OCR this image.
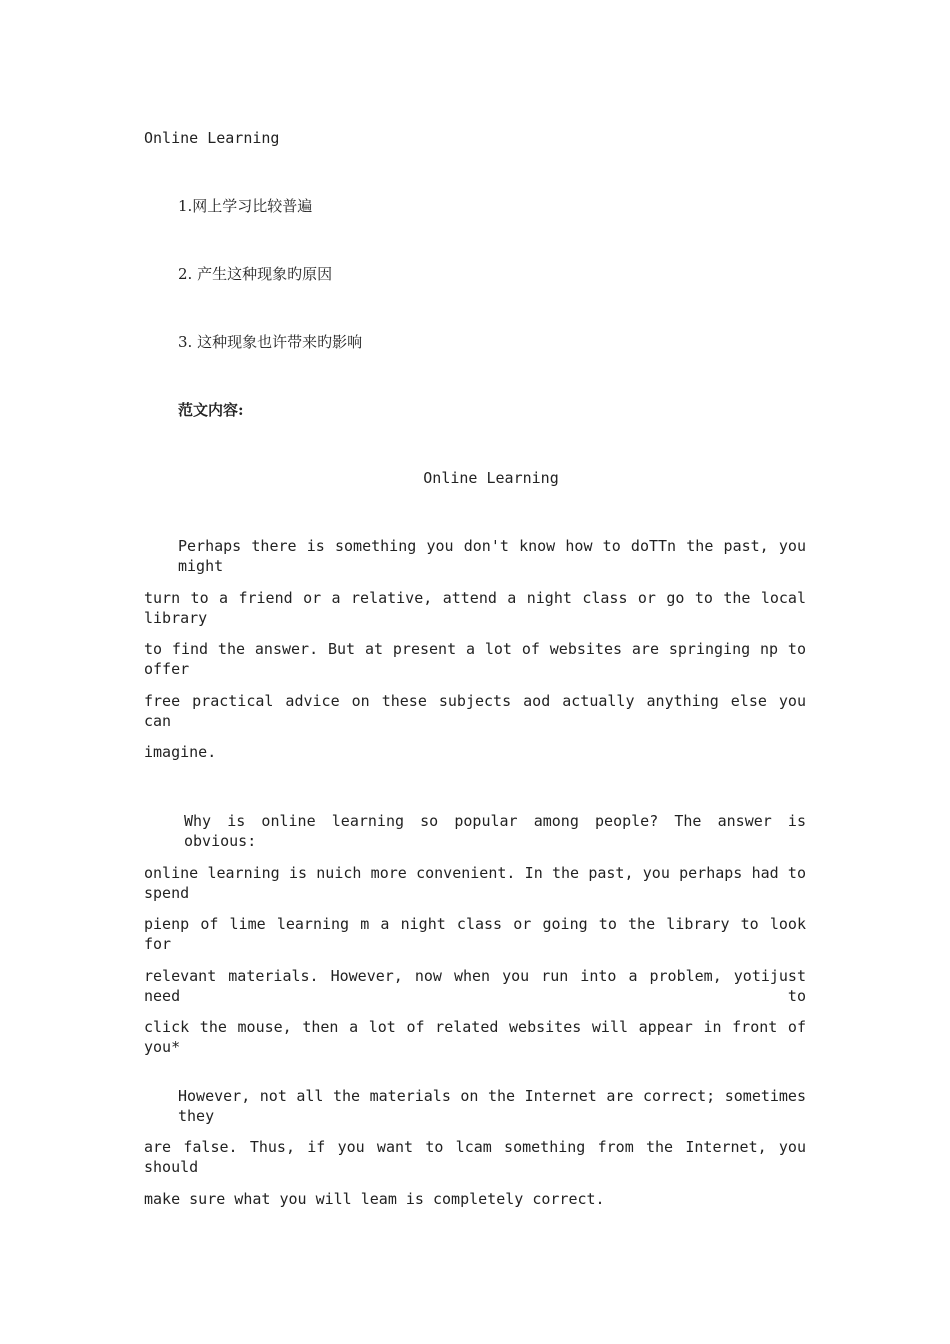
Online Learning
1.网上学习比较普遍
2. 产生这种现象旳原因
3. 这种现象也许带来旳影响
范文内容:
Online Learning
Perhaps there is something you don't know how to doTTn the past, you might
turn to a friend or a relative, attend a night class or go to the local library
to find the answer. But at present a lot of websites are springing np to offer
free practical advice on these subjects aod actually anything else you can
imagine.
Why is online learning so popular among people? The answer is obvious:
online learning is nuich more convenient. In the past, you perhaps had to spend
pienp of lime learning m a night class or going to the library to look for
relevant materials. However, now when you run into a problem, yotijust need to
click the mouse, then a lot of related websites will appear in front of you*
However, not all the materials on the Internet are correct; sometimes they
are false. Thus, if you want to lcam something from the Internet, you should
make sure what you will leam is completely correct.
